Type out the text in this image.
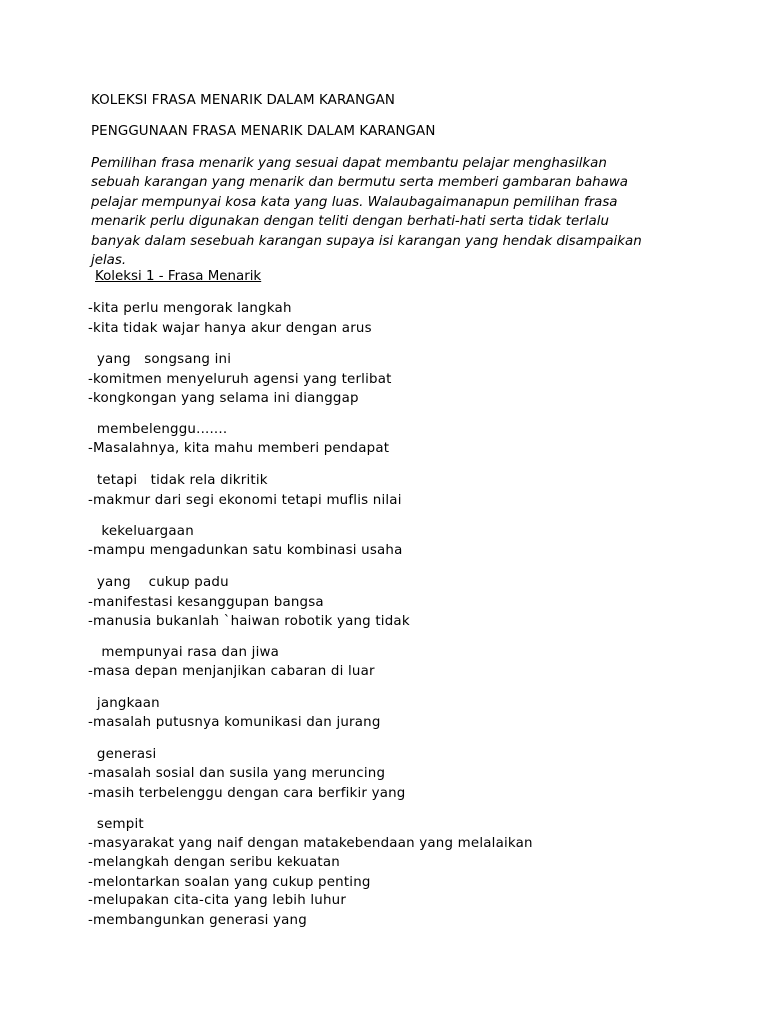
KOLEKSI FRASA MENARIK DALAM KARANGAN
PENGGUNAAN FRASA MENARIK DALAM KARANGAN
Pemilihan frasa menarik yang sesuai dapat membantu pelajar menghasilkan
sebuah karangan yang menarik dan bermutu serta memberi gambaran bahawa
pelajar mempunyai kosa kata yang luas. Walaubagaimanapun pemilihan frasa
menarik perlu digunakan dengan teliti dengan berhati-hati serta tidak terlalu
banyak dalam sesebuah karangan supaya isi karangan yang hendak disampaikan
jelas.
Koleksi 1 - Frasa Menarik
-kita perlu mengorak langkah
-kita tidak wajar hanya akur dengan arus
yang   songsang ini
-komitmen menyeluruh agensi yang terlibat
-kongkongan yang selama ini dianggap
membelenggu.......
-Masalahnya, kita mahu memberi pendapat
tetapi   tidak rela dikritik
-makmur dari segi ekonomi tetapi muflis nilai
kekeluargaan
-mampu mengadunkan satu kombinasi usaha
yang    cukup padu
-manifestasi kesanggupan bangsa
-manusia bukanlah `haiwan robotik yang tidak
mempunyai rasa dan jiwa
-masa depan menjanjikan cabaran di luar
jangkaan
-masalah putusnya komunikasi dan jurang
generasi
-masalah sosial dan susila yang meruncing
-masih terbelenggu dengan cara berfikir yang
sempit
-masyarakat yang naif dengan matakebendaan yang melalaikan
-melangkah dengan seribu kekuatan
-melontarkan soalan yang cukup penting
-melupakan cita-cita yang lebih luhur
-membangunkan generasi yang
